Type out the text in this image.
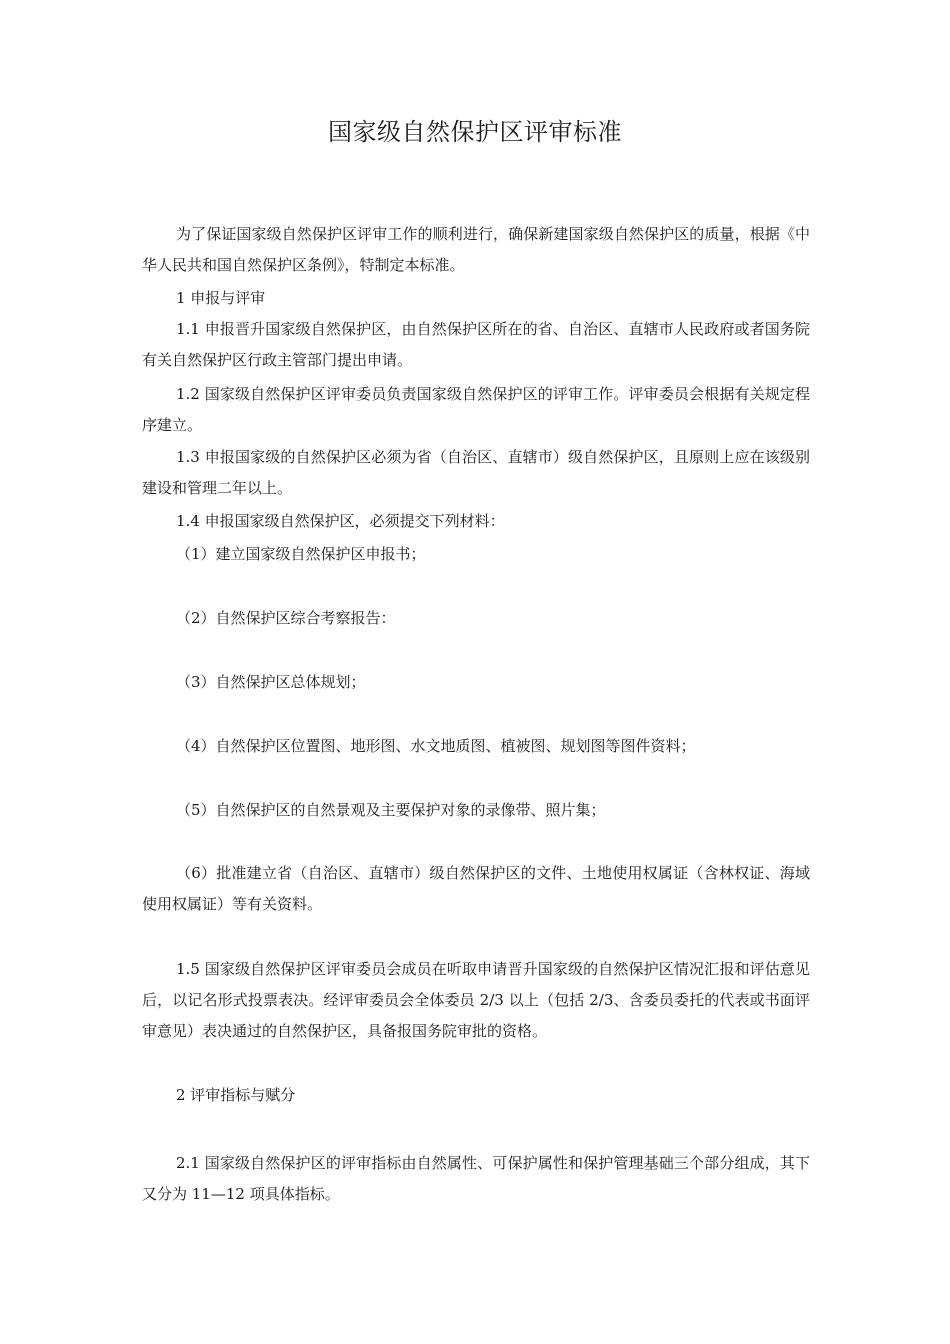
国家级自然保护区评审标准
为了保证国家级自然保护区评审工作的顺利进行，确保新建国家级自然保护区的质量，根据《中华人民共和国自然保护区条例》，特制定本标准。
1 申报与评审
1.1 申报晋升国家级自然保护区，由自然保护区所在的省、自治区、直辖市人民政府或者国务院有关自然保护区行政主管部门提出申请。
1.2 国家级自然保护区评审委员负责国家级自然保护区的评审工作。评审委员会根据有关规定程序建立。
1.3 申报国家级的自然保护区必须为省（自治区、直辖市）级自然保护区，且原则上应在该级别建设和管理二年以上。
1.4 申报国家级自然保护区，必须提交下列材料：
（1）建立国家级自然保护区申报书；
（2）自然保护区综合考察报告：
（3）自然保护区总体规划；
（4）自然保护区位置图、地形图、水文地质图、植被图、规划图等图件资料；
（5）自然保护区的自然景观及主要保护对象的录像带、照片集；
（6）批准建立省（自治区、直辖市）级自然保护区的文件、土地使用权属证（含林权证、海域使用权属证）等有关资料。
1.5 国家级自然保护区评审委员会成员在听取申请晋升国家级的自然保护区情况汇报和评估意见后，以记名形式投票表决。经评审委员会全体委员 2/3 以上（包括 2/3、含委员委托的代表或书面评审意见）表决通过的自然保护区，具备报国务院审批的资格。
2 评审指标与赋分
2.1 国家级自然保护区的评审指标由自然属性、可保护属性和保护管理基础三个部分组成，其下又分为 11—12 项具体指标。
